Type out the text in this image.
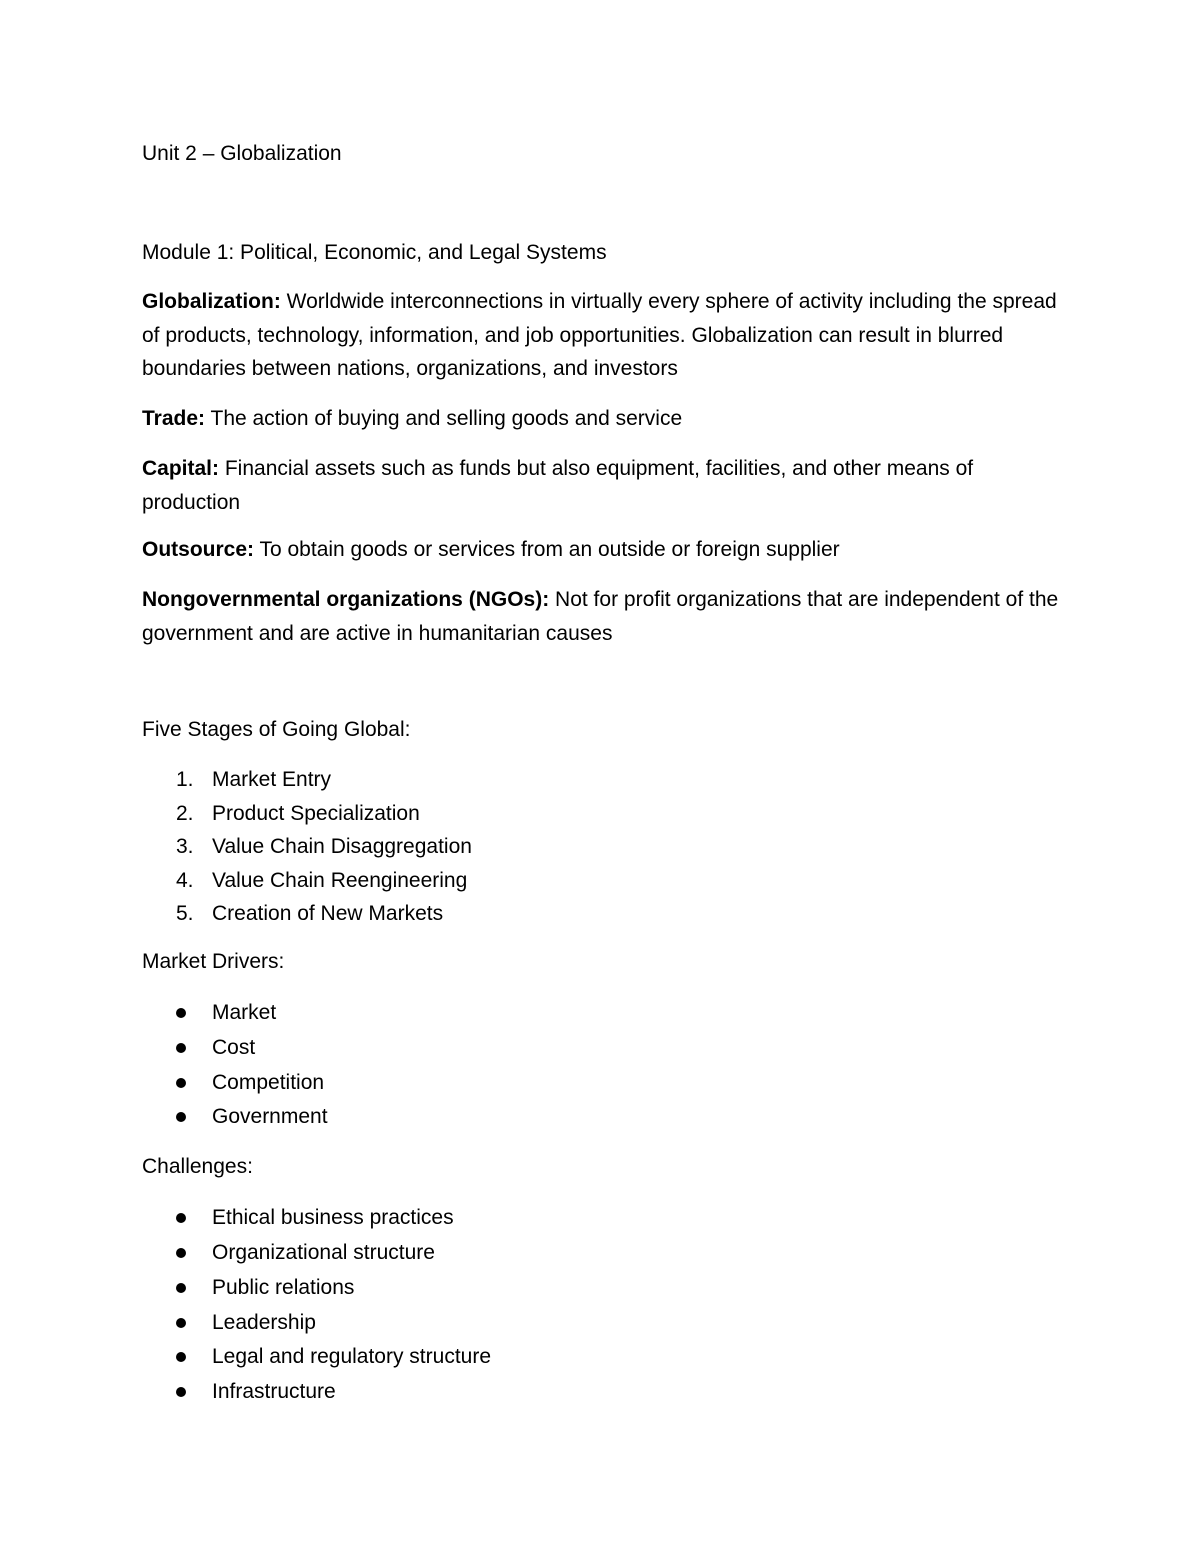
Unit 2 – Globalization
Module 1: Political, Economic, and Legal Systems
Globalization: Worldwide interconnections in virtually every sphere of activity including the spread of products, technology, information, and job opportunities. Globalization can result in blurred boundaries between nations, organizations, and investors
Trade: The action of buying and selling goods and service
Capital: Financial assets such as funds but also equipment, facilities, and other means of production
Outsource: To obtain goods or services from an outside or foreign supplier
Nongovernmental organizations (NGOs): Not for profit organizations that are independent of the government and are active in humanitarian causes
Five Stages of Going Global:
1. Market Entry
2. Product Specialization
3. Value Chain Disaggregation
4. Value Chain Reengineering
5. Creation of New Markets
Market Drivers:
Market
Cost
Competition
Government
Challenges:
Ethical business practices
Organizational structure
Public relations
Leadership
Legal and regulatory structure
Infrastructure
